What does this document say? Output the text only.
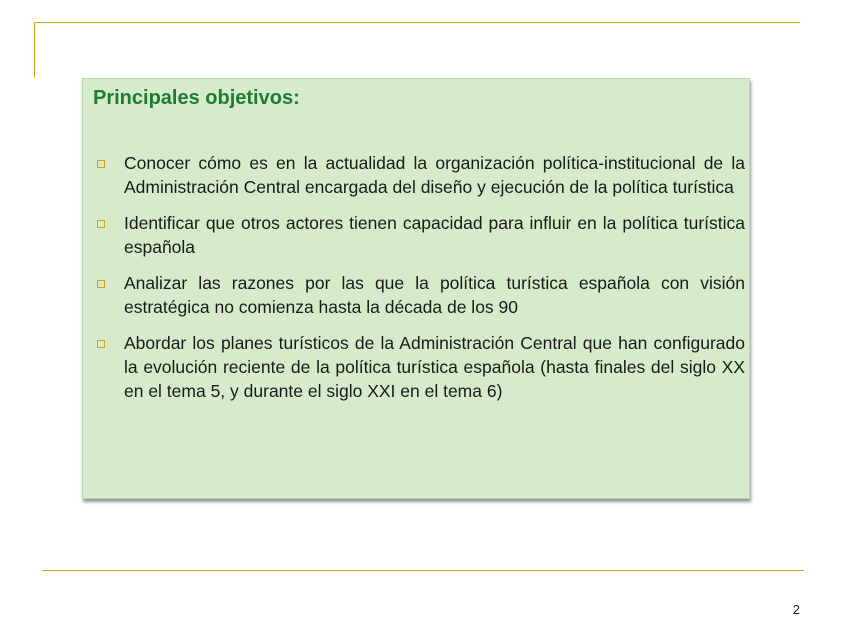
Principales objetivos:
Conocer cómo es en la actualidad la organización política-institucional de la Administración Central encargada del diseño y ejecución de la política turística
Identificar que otros actores tienen capacidad para influir en la política turística española
Analizar las razones por las que la política turística española con visión estratégica no comienza hasta la década de los 90
Abordar los planes turísticos de la Administración Central que han configurado la evolución reciente de la política turística española (hasta finales del siglo XX en el tema 5, y durante el siglo XXI en el tema 6)
2
